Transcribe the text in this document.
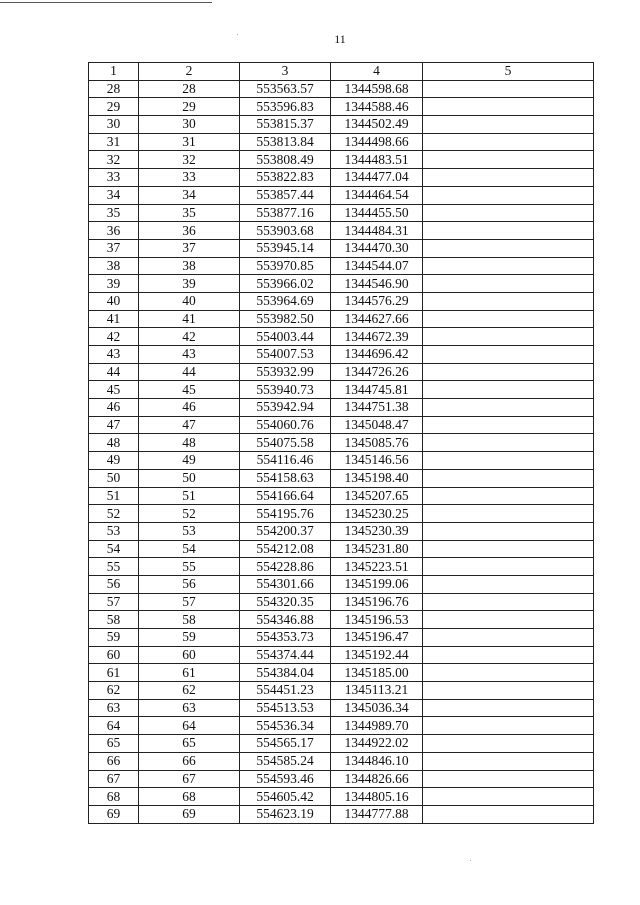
11
1	2	3	4	5
28	28	553563.57	1344598.68	
29	29	553596.83	1344588.46	
30	30	553815.37	1344502.49	
31	31	553813.84	1344498.66	
32	32	553808.49	1344483.51	
33	33	553822.83	1344477.04	
34	34	553857.44	1344464.54	
35	35	553877.16	1344455.50	
36	36	553903.68	1344484.31	
37	37	553945.14	1344470.30	
38	38	553970.85	1344544.07	
39	39	553966.02	1344546.90	
40	40	553964.69	1344576.29	
41	41	553982.50	1344627.66	
42	42	554003.44	1344672.39	
43	43	554007.53	1344696.42	
44	44	553932.99	1344726.26	
45	45	553940.73	1344745.81	
46	46	553942.94	1344751.38	
47	47	554060.76	1345048.47	
48	48	554075.58	1345085.76	
49	49	554116.46	1345146.56	
50	50	554158.63	1345198.40	
51	51	554166.64	1345207.65	
52	52	554195.76	1345230.25	
53	53	554200.37	1345230.39	
54	54	554212.08	1345231.80	
55	55	554228.86	1345223.51	
56	56	554301.66	1345199.06	
57	57	554320.35	1345196.76	
58	58	554346.88	1345196.53	
59	59	554353.73	1345196.47	
60	60	554374.44	1345192.44	
61	61	554384.04	1345185.00	
62	62	554451.23	1345113.21	
63	63	554513.53	1345036.34	
64	64	554536.34	1344989.70	
65	65	554565.17	1344922.02	
66	66	554585.24	1344846.10	
67	67	554593.46	1344826.66	
68	68	554605.42	1344805.16	
69	69	554623.19	1344777.88	
